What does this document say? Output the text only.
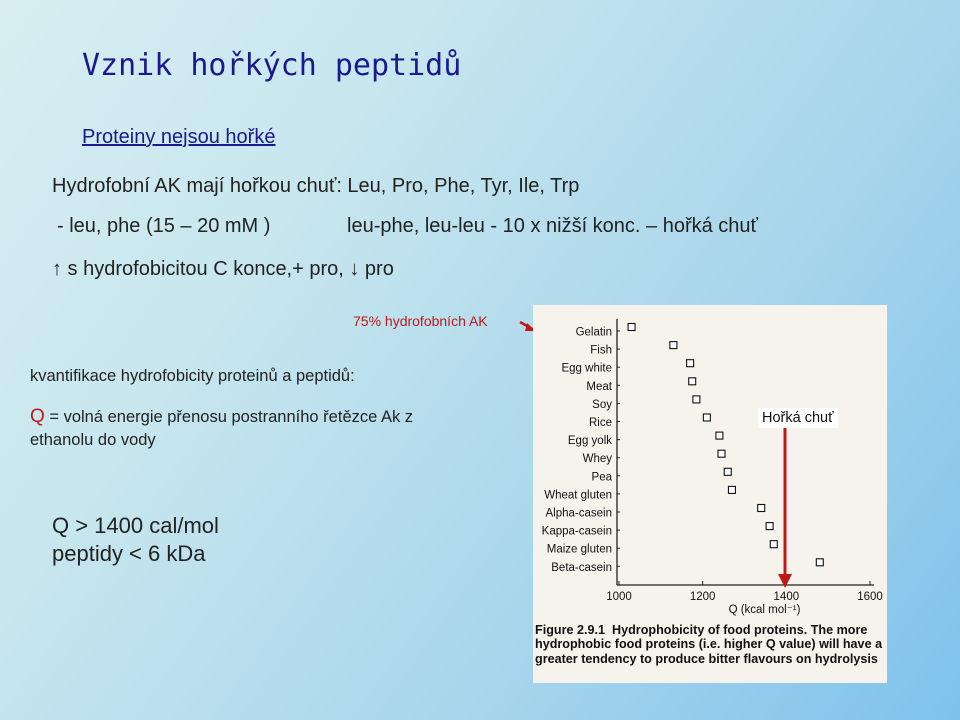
Vznik hořkých peptidů
Proteiny nejsou hořké
Hydrofobní AK mají hořkou chuť: Leu, Pro, Phe, Tyr, Ile, Trp
- leu, phe (15 – 20 mM )	leu-phe, leu-leu - 10 x nižší konc. – hořká chuť
↑ s hydrofobicitou C konce,+ pro, ↓ pro
75% hydrofobních AK
kvantifikace hydrofobicity proteinů a peptidů:
Q = volná energie přenosu postranního řetězce Ak z
ethanolu do vody
Q > 1400 cal/mol
peptidy < 6 kDa
Gelatin
Fish
Egg white
Meat
Soy
Rice
Egg yolk
Whey
Pea
Wheat gluten
Alpha-casein
Kappa-casein
Maize gluten
Beta-casein
1000	1200	1400	1600
Q (kcal mol⁻¹)
Figure 2.9.1 Hydrophobicity of food proteins. The more hydrophobic food proteins (i.e. higher Q value) will have a greater tendency to produce bitter flavours on hydrolysis
Hořká chuť
